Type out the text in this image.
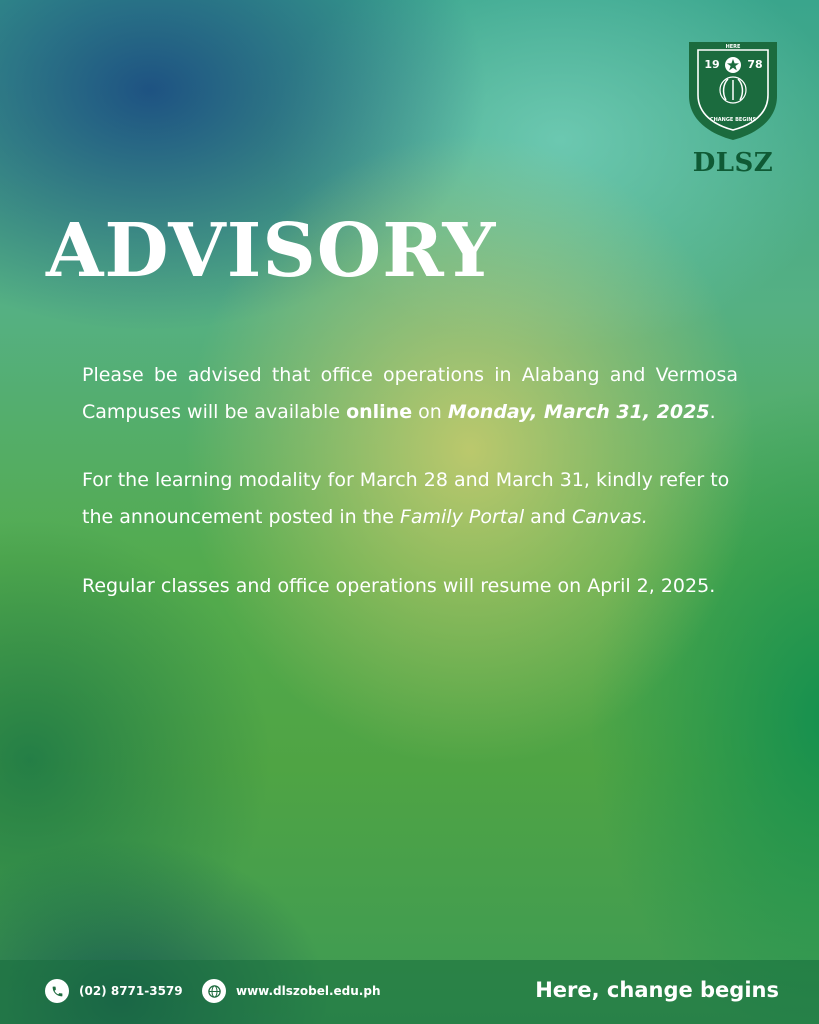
HERE
19	78
CHANGE BEGINS
DLSZ
ADVISORY
Please be advised that office operations in Alabang and Vermosa Campuses will be available online on Monday, March 31, 2025.
For the learning modality for March 28 and March 31, kindly refer to the announcement posted in the Family Portal and Canvas.
Regular classes and office operations will resume on April 2, 2025.
(02) 8771-3579	www.dlszobel.edu.ph	Here, change begins
